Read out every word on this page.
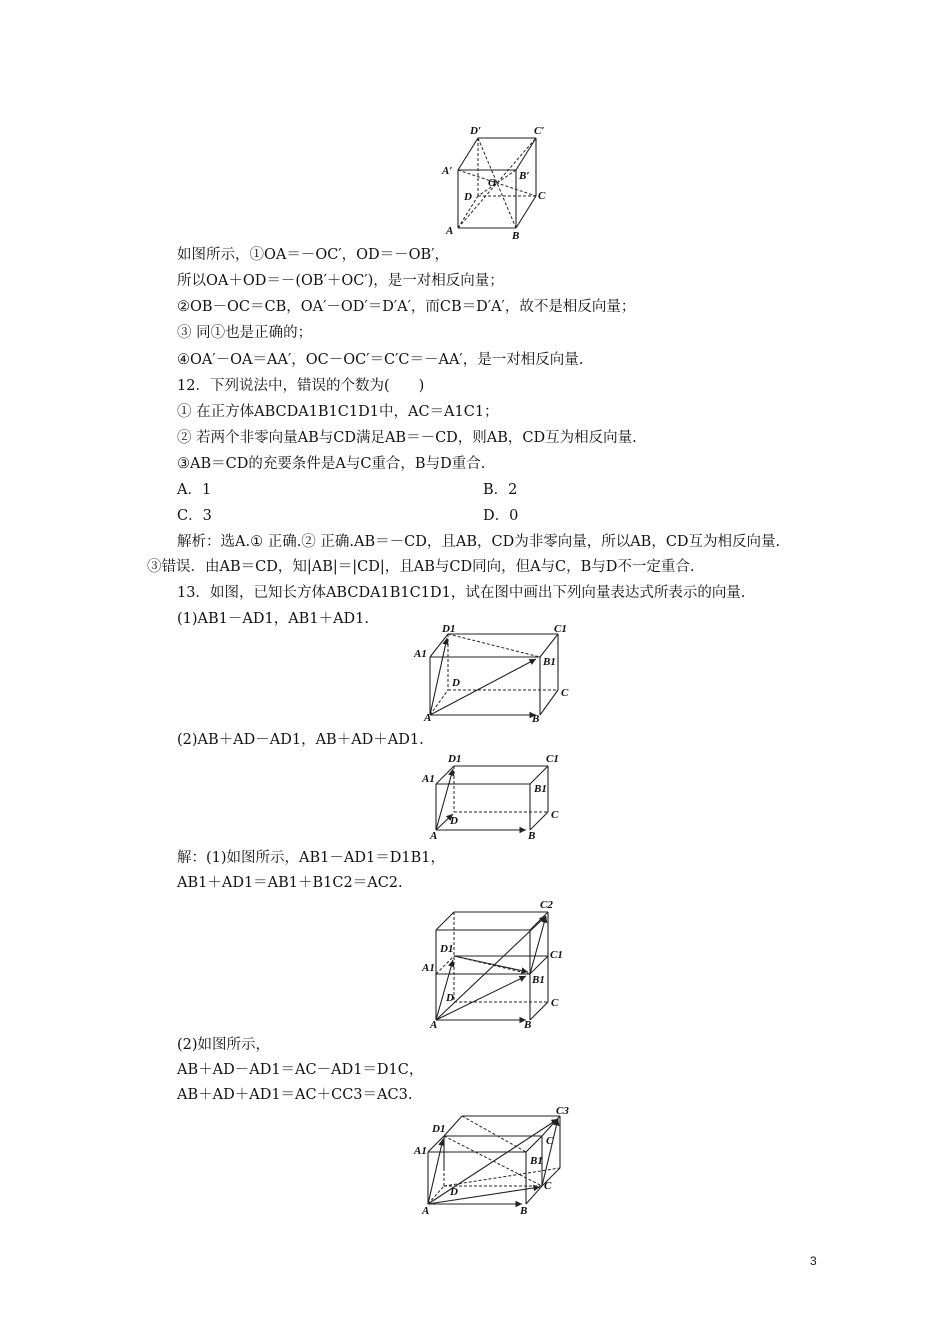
D′	C′
A′	B′
O
D	C
A	B
如图所示，①OA＝－OC′，OD＝－OB′，
所以OA＋OD＝－(OB′＋OC′)，是一对相反向量；
②OB－OC＝CB，OA′－OD′＝D′A′，而CB＝D′A′，故不是相反向量；
③ 同①也是正确的；
④OA′－OA＝AA′，OC－OC′＝C′C＝－AA′，是一对相反向量.
12．下列说法中，错误的个数为(　　)
① 在正方体ABCDA1B1C1D1中，AC＝A1C1；
② 若两个非零向量AB与CD满足AB＝－CD，则AB，CD互为相反向量.
③AB＝CD的充要条件是A与C重合，B与D重合.
A．1	B．2
C．3	D．0
解析：选A.① 正确.② 正确.AB＝－CD，且AB，CD为非零向量，所以AB，CD互为相反向量.
③错误．由AB＝CD，知|AB|＝|CD|，且AB与CD同向，但A与C，B与D不一定重合.
13．如图，已知长方体ABCDA1B1C1D1，试在图中画出下列向量表达式所表示的向量.
(1)AB1－AD1，AB1＋AD1.
D1	C1
A1
B1
D
C
A	B
(2)AB＋AD－AD1，AB＋AD＋AD1.
D1	C1
A1
B1
D	C
A	B
解：(1)如图所示，AB1－AD1＝D1B1，
AB1＋AD1＝AB1＋B1C2＝AC2.
C2
D1	C1
A1
B1
D	C
A	B
(2)如图所示，
AB＋AD－AD1＝AC－AD1＝D1C，
AB＋AD＋AD1＝AC＋CC3＝AC3.
C3
D1
C
A1
B1
D	C
A	B
3
